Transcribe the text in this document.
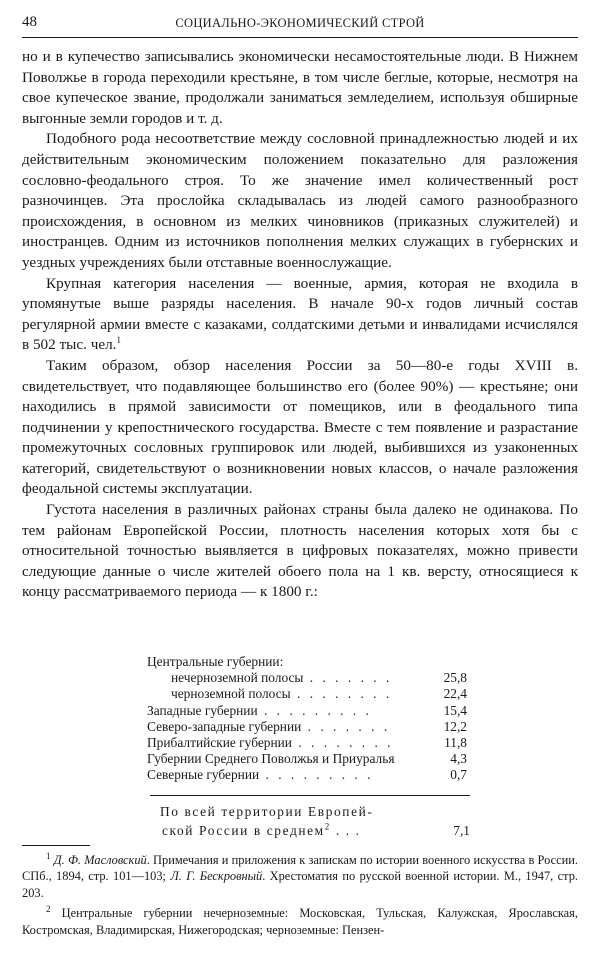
48	СОЦИАЛЬНО-ЭКОНОМИЧЕСКИЙ СТРОЙ

но и в купечество записывались экономически несамостоятельные люди. В Нижнем Поволжье в города переходили крестьяне, в том числе беглые, которые, несмотря на свое купеческое звание, продолжали заниматься земледелием, используя обширные выгонные земли городов и т. д.

Подобного рода несоответствие между сословной принадлежностью людей и их действительным экономическим положением показательно для разложения сословно-феодального строя. То же значение имел количественный рост разночинцев. Эта прослойка складывалась из людей самого разнообразного происхождения, в основном из мелких чиновников (приказных служителей) и иностранцев. Одним из источников пополнения мелких служащих в губернских и уездных учреждениях были отставные военнослужащие.

Крупная категория населения — военные, армия, которая не входила в упомянутые выше разряды населения. В начале 90-х годов личный состав регулярной армии вместе с казаками, солдатскими детьми и инвалидами исчислялся в 502 тыс. чел.$^1$

Таким образом, обзор населения России за 50—80-е годы XVIII в. свидетельствует, что подавляющее большинство его (более 90%) — крестьяне; они находились в прямой зависимости от помещиков, или в феодального типа подчинении у крепостнического государства. Вместе с тем появление и разрастание промежуточных сословных группировок или людей, выбившихся из узаконенных категорий, свидетельствуют о возникновении новых классов, о начале разложения феодальной системы эксплуатации.

Густота населения в различных районах страны была далеко не одинакова. По тем районам Европейской России, плотность населения которых хотя бы с относительной точностью выявляется в цифровых показателях, можно привести следующие данные о числе жителей обоего пола на 1 кв. версту, относящиеся к концу рассматриваемого периода — к 1800 г.:

Центральные губернии:
нечерноземной полосы . . . . . . .	25,8
черноземной полосы . . . . . . . .	22,4
Западные губернии . . . . . . . . .	15,4
Северо-западные губернии . . . . . . .	12,2
Прибалтийские губернии . . . . . . . .	11,8
Губернии Среднего Поволжья и Приуралья	4,3
Северные губернии . . . . . . . . .	0,7
По всей территории Европей-
ской России в среднем$^2$ . . .	7,1

$^1$ Д. Ф. Масловский. Примечания и приложения к запискам по истории военного искусства в России. СПб., 1894, стр. 101—103; Л. Г. Бескровный. Хрестоматия по русской военной истории. М., 1947, стр. 203.

$^2$ Центральные губернии нечерноземные: Московская, Тульская, Калужская, Ярославская, Костромская, Владимирская, Нижегородская; черноземные: Пензен-
